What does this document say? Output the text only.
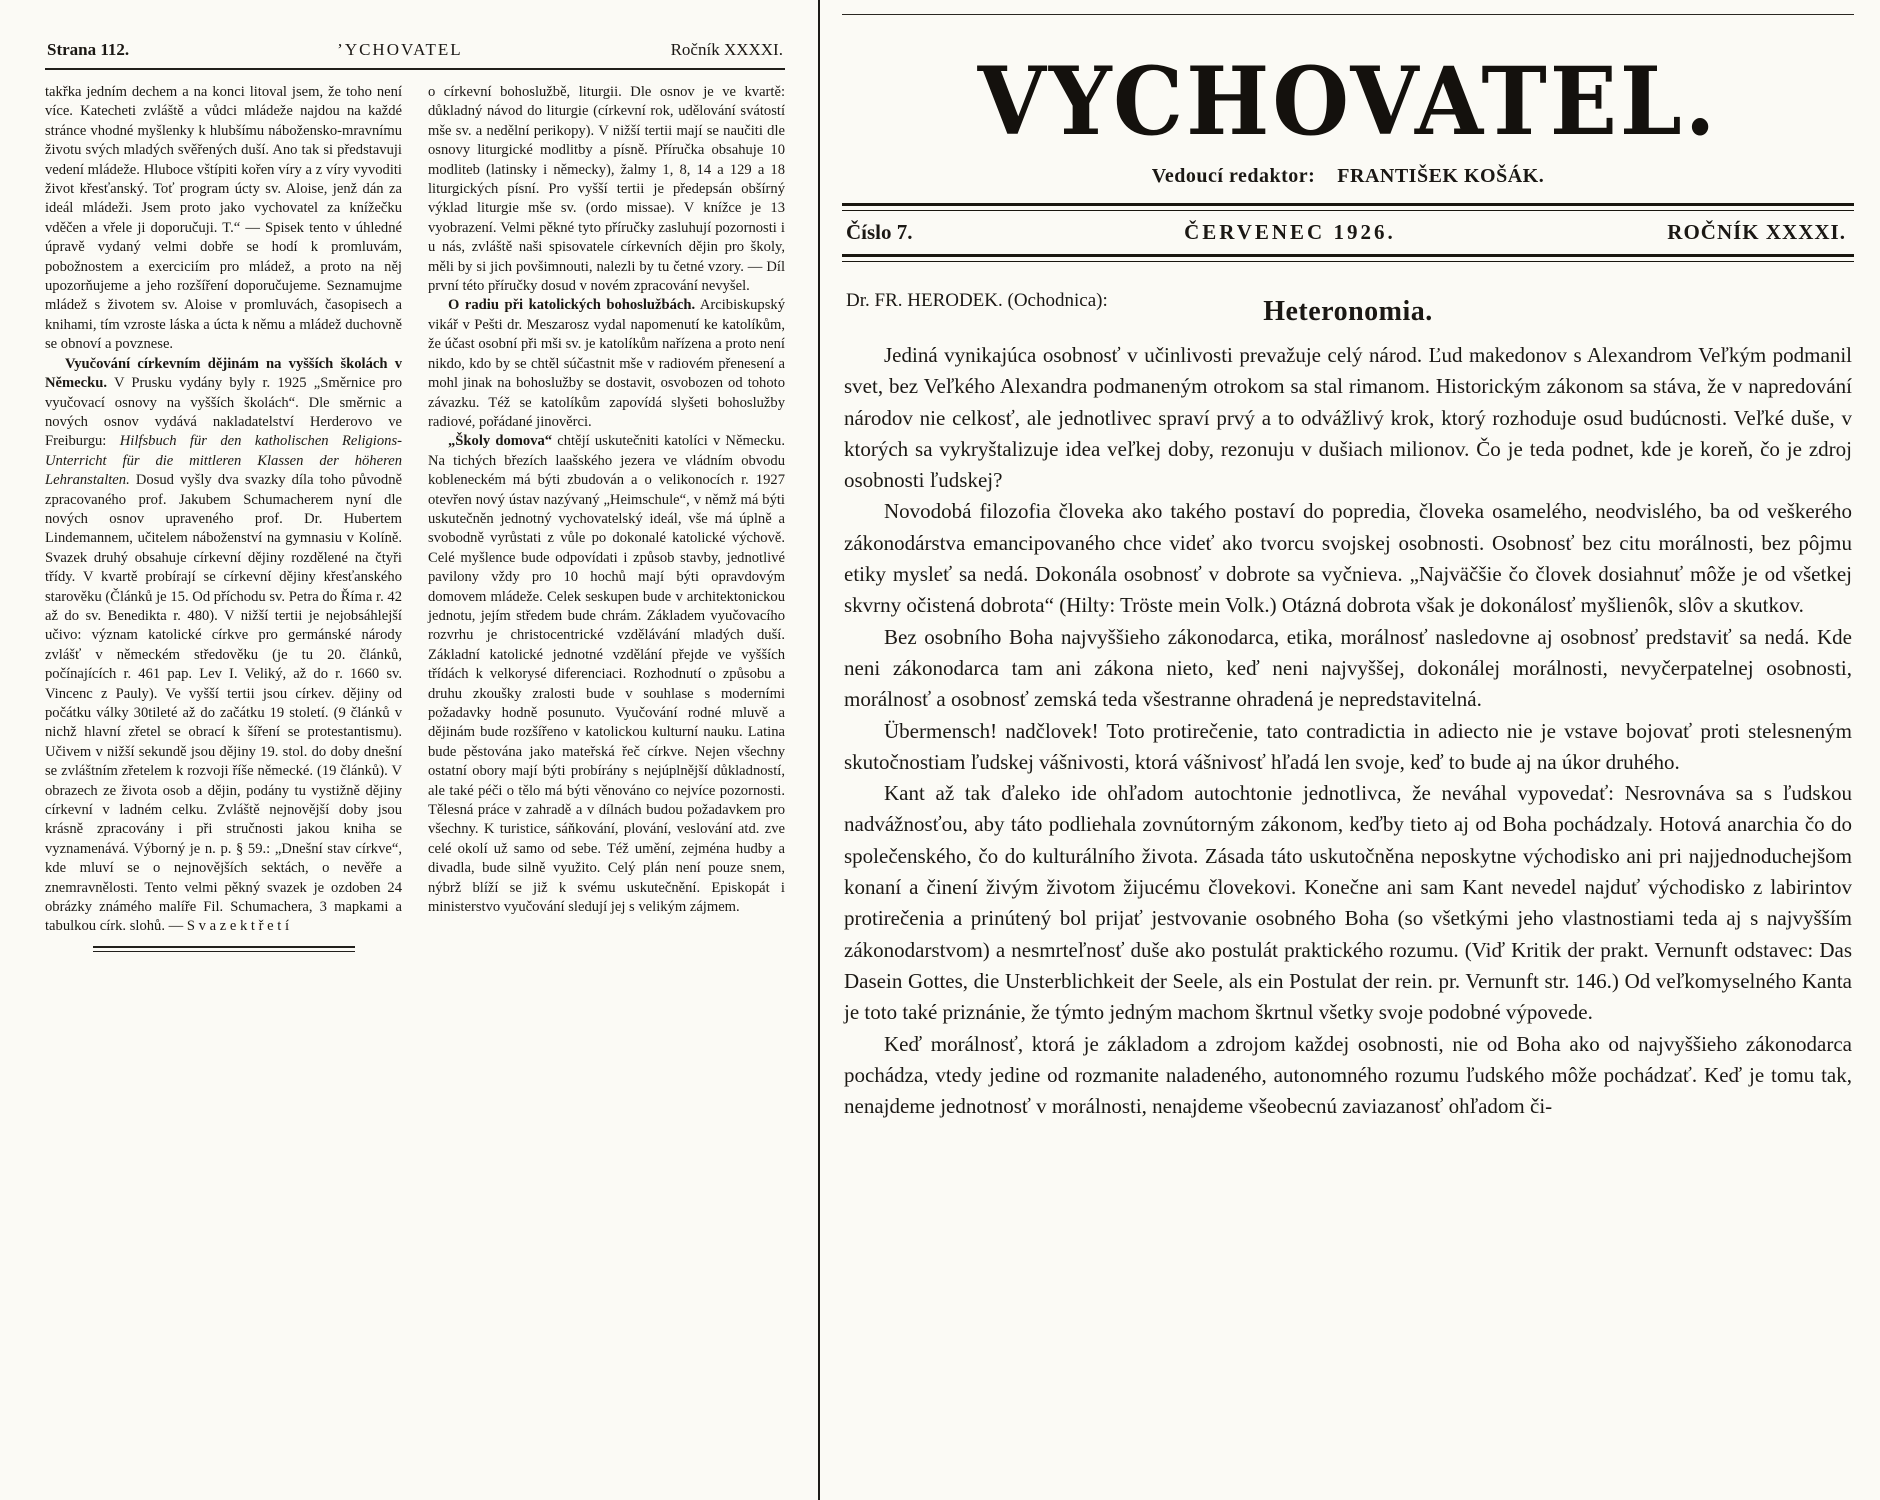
Strana 112.	’YCHOVATEL	Ročník XXXXI.

takřka jedním dechem a na konci litoval jsem, že toho není více. Katecheti zvláště a vůdci mládeže najdou na každé stránce vhodné myšlenky k hlubšímu nábožensko-mravnímu životu svých mladých svěřených duší. Ano tak si představuji vedení mládeže. Hluboce vštípiti kořen víry a z víry vyvoditi život křesťanský. Toť program úcty sv. Aloise, jenž dán za ideál mládeži. Jsem proto jako vychovatel za knížečku vděčen a vřele ji doporučuji. T.“ — Spisek tento v úhledné úpravě vydaný velmi dobře se hodí k promluvám, pobožnostem a exerciciím pro mládež, a proto na něj upozorňujeme a jeho rozšíření doporučujeme. Seznamujme mládež s životem sv. Aloise v promluvách, časopisech a knihami, tím vzroste láska a úcta k němu a mládež duchovně se obnoví a povznese.

Vyučování církevním dějinám na vyšších školách v Německu. V Prusku vydány byly r. 1925 „Směrnice pro vyučovací osnovy na vyšších školách“. Dle směrnic a nových osnov vydává nakladatelství Herderovo ve Freiburgu: Hilfsbuch für den katholischen Religions-Unterricht für die mittleren Klassen der höheren Lehranstalten. Dosud vyšly dva svazky díla toho původně zpracovaného prof. Jakubem Schumacherem nyní dle nových osnov upraveného prof. Dr. Hubertem Lindemannem, učitelem náboženství na gymnasiu v Kolíně. Svazek druhý obsahuje církevní dějiny rozdělené na čtyři třídy. V kvartě probírají se církevní dějiny křesťanského starověku (Článků je 15. Od příchodu sv. Petra do Říma r. 42 až do sv. Benedikta r. 480). V nižší tertii je nejobsáhlejší učivo: význam katolické církve pro germánské národy zvlášť v německém středověku (je tu 20. článků, počínajících r. 461 pap. Lev I. Veliký, až do r. 1660 sv. Vincenc z Pauly). Ve vyšší tertii jsou církev. dějiny od počátku války 30tileté až do začátku 19 století. (9 článků v nichž hlavní zřetel se obrací k šíření se protestantismu). Učivem v nižší sekundě jsou dějiny 19. stol. do doby dnešní se zvláštním zřetelem k rozvoji říše německé. (19 článků). V obrazech ze života osob a dějin, podány tu vystižně dějiny církevní v ladném celku. Zvláště nejnovější doby jsou krásně zpracovány i při stručnosti jakou kniha se vyznamenává. Výborný je n. p. § 59.: „Dnešní stav církve“, kde mluví se o nejnovějších sektách, o nevěře a znemravnělosti. Tento velmi pěkný svazek je ozdoben 24 obrázky známého malíře Fil. Schumachera, 3 mapkami a tabulkou círk. slohů. — S v a z e k t ř e t í

o církevní bohoslužbě, liturgii. Dle osnov je ve kvartě: důkladný návod do liturgie (církevní rok, udělování svátostí mše sv. a nedělní perikopy). V nižší tertii mají se naučiti dle osnovy liturgické modlitby a písně. Příručka obsahuje 10 modliteb (latinsky i německy), žalmy 1, 8, 14 a 129 a 18 liturgických písní. Pro vyšší tertii je předepsán obšírný výklad liturgie mše sv. (ordo missae). V knížce je 13 vyobrazení. Velmi pěkné tyto příručky zasluhují pozornosti i u nás, zvláště naši spisovatele církevních dějin pro školy, měli by si jich povšimnouti, nalezli by tu četné vzory. — Díl první této příručky dosud v novém zpracování nevyšel.

O radiu při katolických bohoslužbách. Arcibiskupský vikář v Pešti dr. Meszarosz vydal napomenutí ke katolíkům, že účast osobní při mši sv. je katolíkům nařízena a proto není nikdo, kdo by se chtěl súčastnit mše v radiovém přenesení a mohl jinak na bohoslužby se dostavit, osvobozen od tohoto závazku. Též se katolíkům zapovídá slyšeti bohoslužby radiové, pořádané jinověrci.

„Školy domova“ chtějí uskutečniti katolíci v Německu. Na tichých březích laašského jezera ve vládním obvodu kobleneckém má býti zbudován a o velikonocích r. 1927 otevřen nový ústav nazývaný „Heimschule“, v němž má býti uskutečněn jednotný vychovatelský ideál, vše má úplně a svobodně vyrůstati z vůle po dokonalé katolické výchově. Celé myšlence bude odpovídati i způsob stavby, jednotlivé pavilony vždy pro 10 hochů mají býti opravdovým domovem mládeže. Celek seskupen bude v architektonickou jednotu, jejím středem bude chrám. Základem vyučovacího rozvrhu je christocentrické vzdělávání mladých duší. Základní katolické jednotné vzdělání přejde ve vyšších třídách k velkorysé diferenciaci. Rozhodnutí o způsobu a druhu zkoušky zralosti bude v souhlase s moderními požadavky hodně posunuto. Vyučování rodné mluvě a dějinám bude rozšířeno v katolickou kulturní nauku. Latina bude pěstována jako mateřská řeč církve. Nejen všechny ostatní obory mají býti probírány s nejúplnější důkladností, ale také péči o tělo má býti věnováno co nejvíce pozornosti. Tělesná práce v zahradě a v dílnách budou požadavkem pro všechny. K turistice, sáňkování, plování, veslování atd. zve celé okolí už samo od sebe. Též umění, zejména hudby a divadla, bude silně využito. Celý plán není pouze snem, nýbrž blíží se již k svému uskutečnění. Episkopát i ministerstvo vyučování sledují jej s velikým zájmem.

VYCHOVATEL.
Vedoucí redaktor: FRANTIŠEK KOŠÁK.
Číslo 7.	ČERVENEC 1926.	ROČNÍK XXXXI.
Dr. FR. HERODEK. (Ochodnica):	Heteronomia.

Jediná vynikajúca osobnosť v učinlivosti prevažuje celý národ. Ľud makedonov s Alexandrom Veľkým podmanil svet, bez Veľkého Alexandra podmaneným otrokom sa stal rimanom. Historickým zákonom sa stáva, že v napredování národov nie celkosť, ale jednotlivec spraví prvý a to odvážlivý krok, ktorý rozhoduje osud budúcnosti. Veľké duše, v ktorých sa vykryštalizuje idea veľkej doby, rezonuju v dušiach milionov. Čo je teda podnet, kde je koreň, čo je zdroj osobnosti ľudskej?

Novodobá filozofia človeka ako takého postaví do popredia, človeka osamelého, neodvislého, ba od veškerého zákonodárstva emancipovaného chce videť ako tvorcu svojskej osobnosti. Osobnosť bez citu morálnosti, bez pôjmu etiky mysleť sa nedá. Dokonála osobnosť v dobrote sa vyčnieva. „Najväčšie čo človek dosiahnuť môže je od všetkej skvrny očistená dobrota“ (Hilty: Tröste mein Volk.) Otázná dobrota však je dokonálosť myšlienôk, slôv a skutkov.

Bez osobního Boha najvyššieho zákonodarca, etika, morálnosť nasledovne aj osobnosť predstaviť sa nedá. Kde neni zákonodarca tam ani zákona nieto, keď neni najvyššej, dokonálej morálnosti, nevyčerpatelnej osobnosti, morálnosť a osobnosť zemská teda všestranne ohradená je nepredstavitelná.

Übermensch! nadčlovek! Toto protirečenie, tato contradictia in adiecto nie je vstave bojovať proti stelesneným skutočnostiam ľudskej vášnivosti, ktorá vášnivosť hľadá len svoje, keď to bude aj na úkor druhého.

Kant až tak ďaleko ide ohľadom autochtonie jednotlivca, že neváhal vypovedať: Nesrovnáva sa s ľudskou nadvážnosťou, aby táto podliehala zovnútorným zákonom, keďby tieto aj od Boha pochádzaly. Hotová anarchia čo do společenského, čo do kulturálního života. Zásada táto uskutočněna neposkytne východisko ani pri najjednoduchejšom konaní a činení živým životom žijucému človekovi. Konečne ani sam Kant nevedel najduť východisko z labirintov protirečenia a prinútený bol prijať jestvovanie osobného Boha (so všetkými jeho vlastnostiami teda aj s najvyšším zákonodarstvom) a nesmrteľnosť duše ako postulát praktického rozumu. (Viď Kritik der prakt. Vernunft odstavec: Das Dasein Gottes, die Unsterblichkeit der Seele, als ein Postulat der rein. pr. Vernunft str. 146.) Od veľkomyselného Kanta je toto také priznánie, že týmto jedným machom škrtnul všetky svoje podobné výpovede.

Keď morálnosť, ktorá je základom a zdrojom každej osobnosti, nie od Boha ako od najvyššieho zákonodarca pochádza, vtedy jedine od rozmanite naladeného, autonomného rozumu ľudského môže pochádzať. Keď je tomu tak, nenajdeme jednotnosť v morálnosti, nenajdeme všeobecnú zaviazanosť ohľadom či-
